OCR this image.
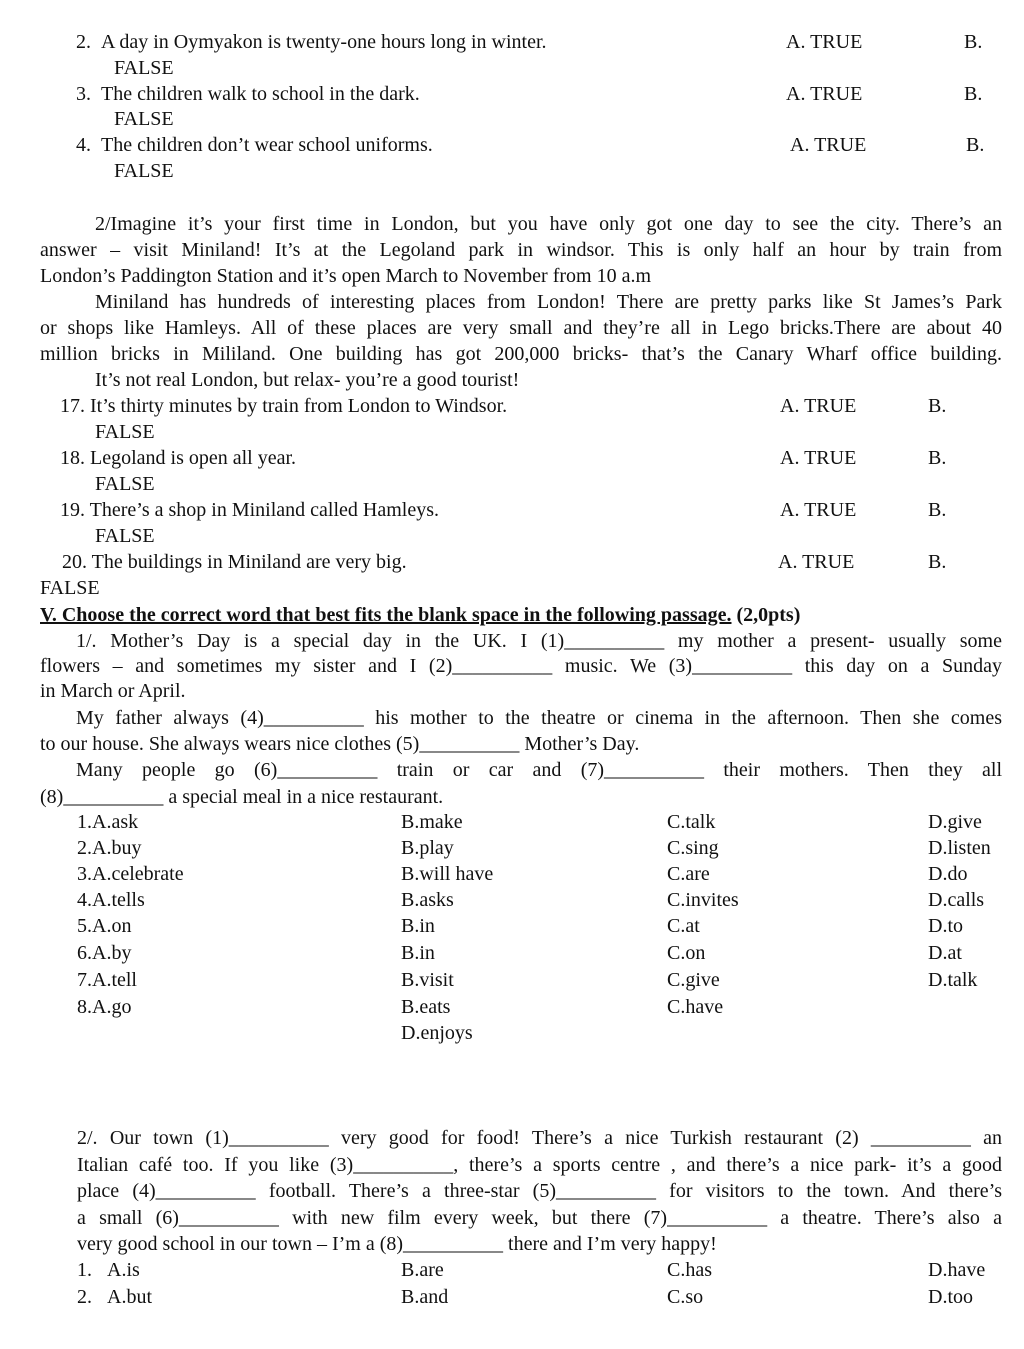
2.  A day in Oymyakon is twenty-one hours long in winter.	A. TRUE	B.
FALSE
3.  The children walk to school in the dark.	A. TRUE	B.
FALSE
4.  The children don’t wear school uniforms.	A. TRUE	B.
FALSE
2/Imagine it’s your first time in London, but you have only got one day to see the city. There’s an
answer – visit Miniland! It’s at the Legoland park in windsor. This is only half an hour by train from
London’s Paddington Station and it’s open March to November from 10 a.m
Miniland has hundreds of interesting places from London! There are pretty parks like St James’s Park
or shops like Hamleys. All of these places are very small and they’re all in Lego bricks.There are about 40
million bricks in Mililand. One building has got 200,000 bricks- that’s the Canary Wharf office building.
It’s not real London, but relax- you’re a good tourist!
17. It’s thirty minutes by train from London to Windsor.	A. TRUE	B.
FALSE
18. Legoland is open all year.	A. TRUE	B.
FALSE
19. There’s a shop in Miniland called Hamleys.	A. TRUE	B.
FALSE
20. The buildings in Miniland are very big.	A. TRUE	B.
FALSE
V. Choose the correct word that best fits the blank space in the following passage. (2,0pts)
1/. Mother’s Day is a special day in the UK. I (1)__________ my mother a present- usually some
flowers – and sometimes my sister and I (2)__________ music. We (3)__________ this day on a Sunday
in March or April.
My father always (4)__________ his mother to the theatre or cinema in the afternoon. Then she comes
to our house. She always wears nice clothes (5)__________ Mother’s Day.
Many people go (6)__________ train or car and (7)__________ their mothers. Then they all
(8)__________ a special meal in a nice restaurant.
1.A.ask	B.make	C.talk	D.give
2.A.buy	B.play	C.sing	D.listen
3.A.celebrate	B.will have	C.are	D.do
4.A.tells	B.asks	C.invites	D.calls
5.A.on	B.in	C.at	D.to
6.A.by	B.in	C.on	D.at
7.A.tell	B.visit	C.give	D.talk
8.A.go	B.eats	C.have
D.enjoys
2/. Our town (1)__________ very good for food! There’s a nice Turkish restaurant (2) __________ an
Italian café too. If you like (3)__________, there’s a sports centre , and there’s a nice park- it’s a good
place (4)__________ football. There’s a three-star (5)__________ for visitors to the town. And there’s
a small (6)__________ with new film every week, but there (7)__________ a theatre. There’s also a
very good school in our town – I’m a (8)__________ there and I’m very happy!
1.   A.is	B.are	C.has	D.have
2.   A.but	B.and	C.so	D.too
